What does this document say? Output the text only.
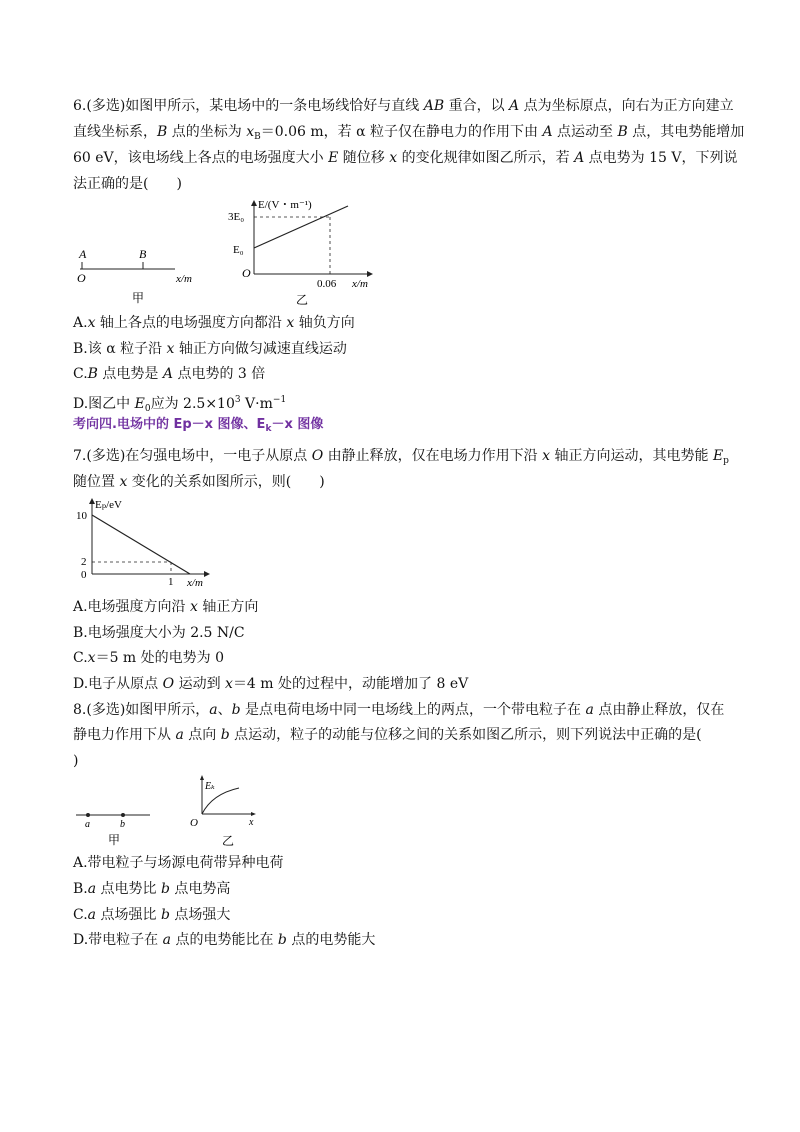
6.(多选)如图甲所示，某电场中的一条电场线恰好与直线 AB 重合，以 A 点为坐标原点，向右为正方向建立
直线坐标系，B 点的坐标为 $x_B=0.06$ m，若 α 粒子仅在静电力的作用下由 A 点运动至 B 点，其电势能增加
60 eV，该电场线上各点的电场强度大小 E 随位移 x 的变化规律如图乙所示，若 A 点电势为 15 V，下列说
法正确的是(　　)
A	B
O	x/m
甲
E/(V・m⁻¹)
3E₀
E₀
O
0.06 x/m
乙
A.x 轴上各点的电场强度方向都沿 x 轴负方向
B.该 α 粒子沿 x 轴正方向做匀减速直线运动
C.B 点电势是 A 点电势的 3 倍
D.图乙中 $E_0$应为 $2.5\times 10^3$ $V\cdot m^{-1}$
考向四.电场中的 Ep－x 图像、$E_k-x$ 图像
7.(多选)在匀强电场中，一电子从原点 O 由静止释放，仅在电场力作用下沿 x 轴正方向运动，其电势能 $E_p$
随位置 x 变化的关系如图所示，则(　　)
Eₚ/eV
10
2
0
1 x/m
A.电场强度方向沿 x 轴正方向
B.电场强度大小为 2.5 N/C
C.x＝5 m 处的电势为 0
D.电子从原点 O 运动到 x＝4 m 处的过程中，动能增加了 8 eV
8.(多选)如图甲所示，a、b 是点电荷电场中同一电场线上的两点，一个带电粒子在 a 点由静止释放，仅在
静电力作用下从 a 点向 b 点运动，粒子的动能与位移之间的关系如图乙所示，则下列说法中正确的是(
)
a	b
甲
Eₖ
O	x
乙
A.带电粒子与场源电荷带异种电荷
B.a 点电势比 b 点电势高
C.a 点场强比 b 点场强大
D.带电粒子在 a 点的电势能比在 b 点的电势能大
